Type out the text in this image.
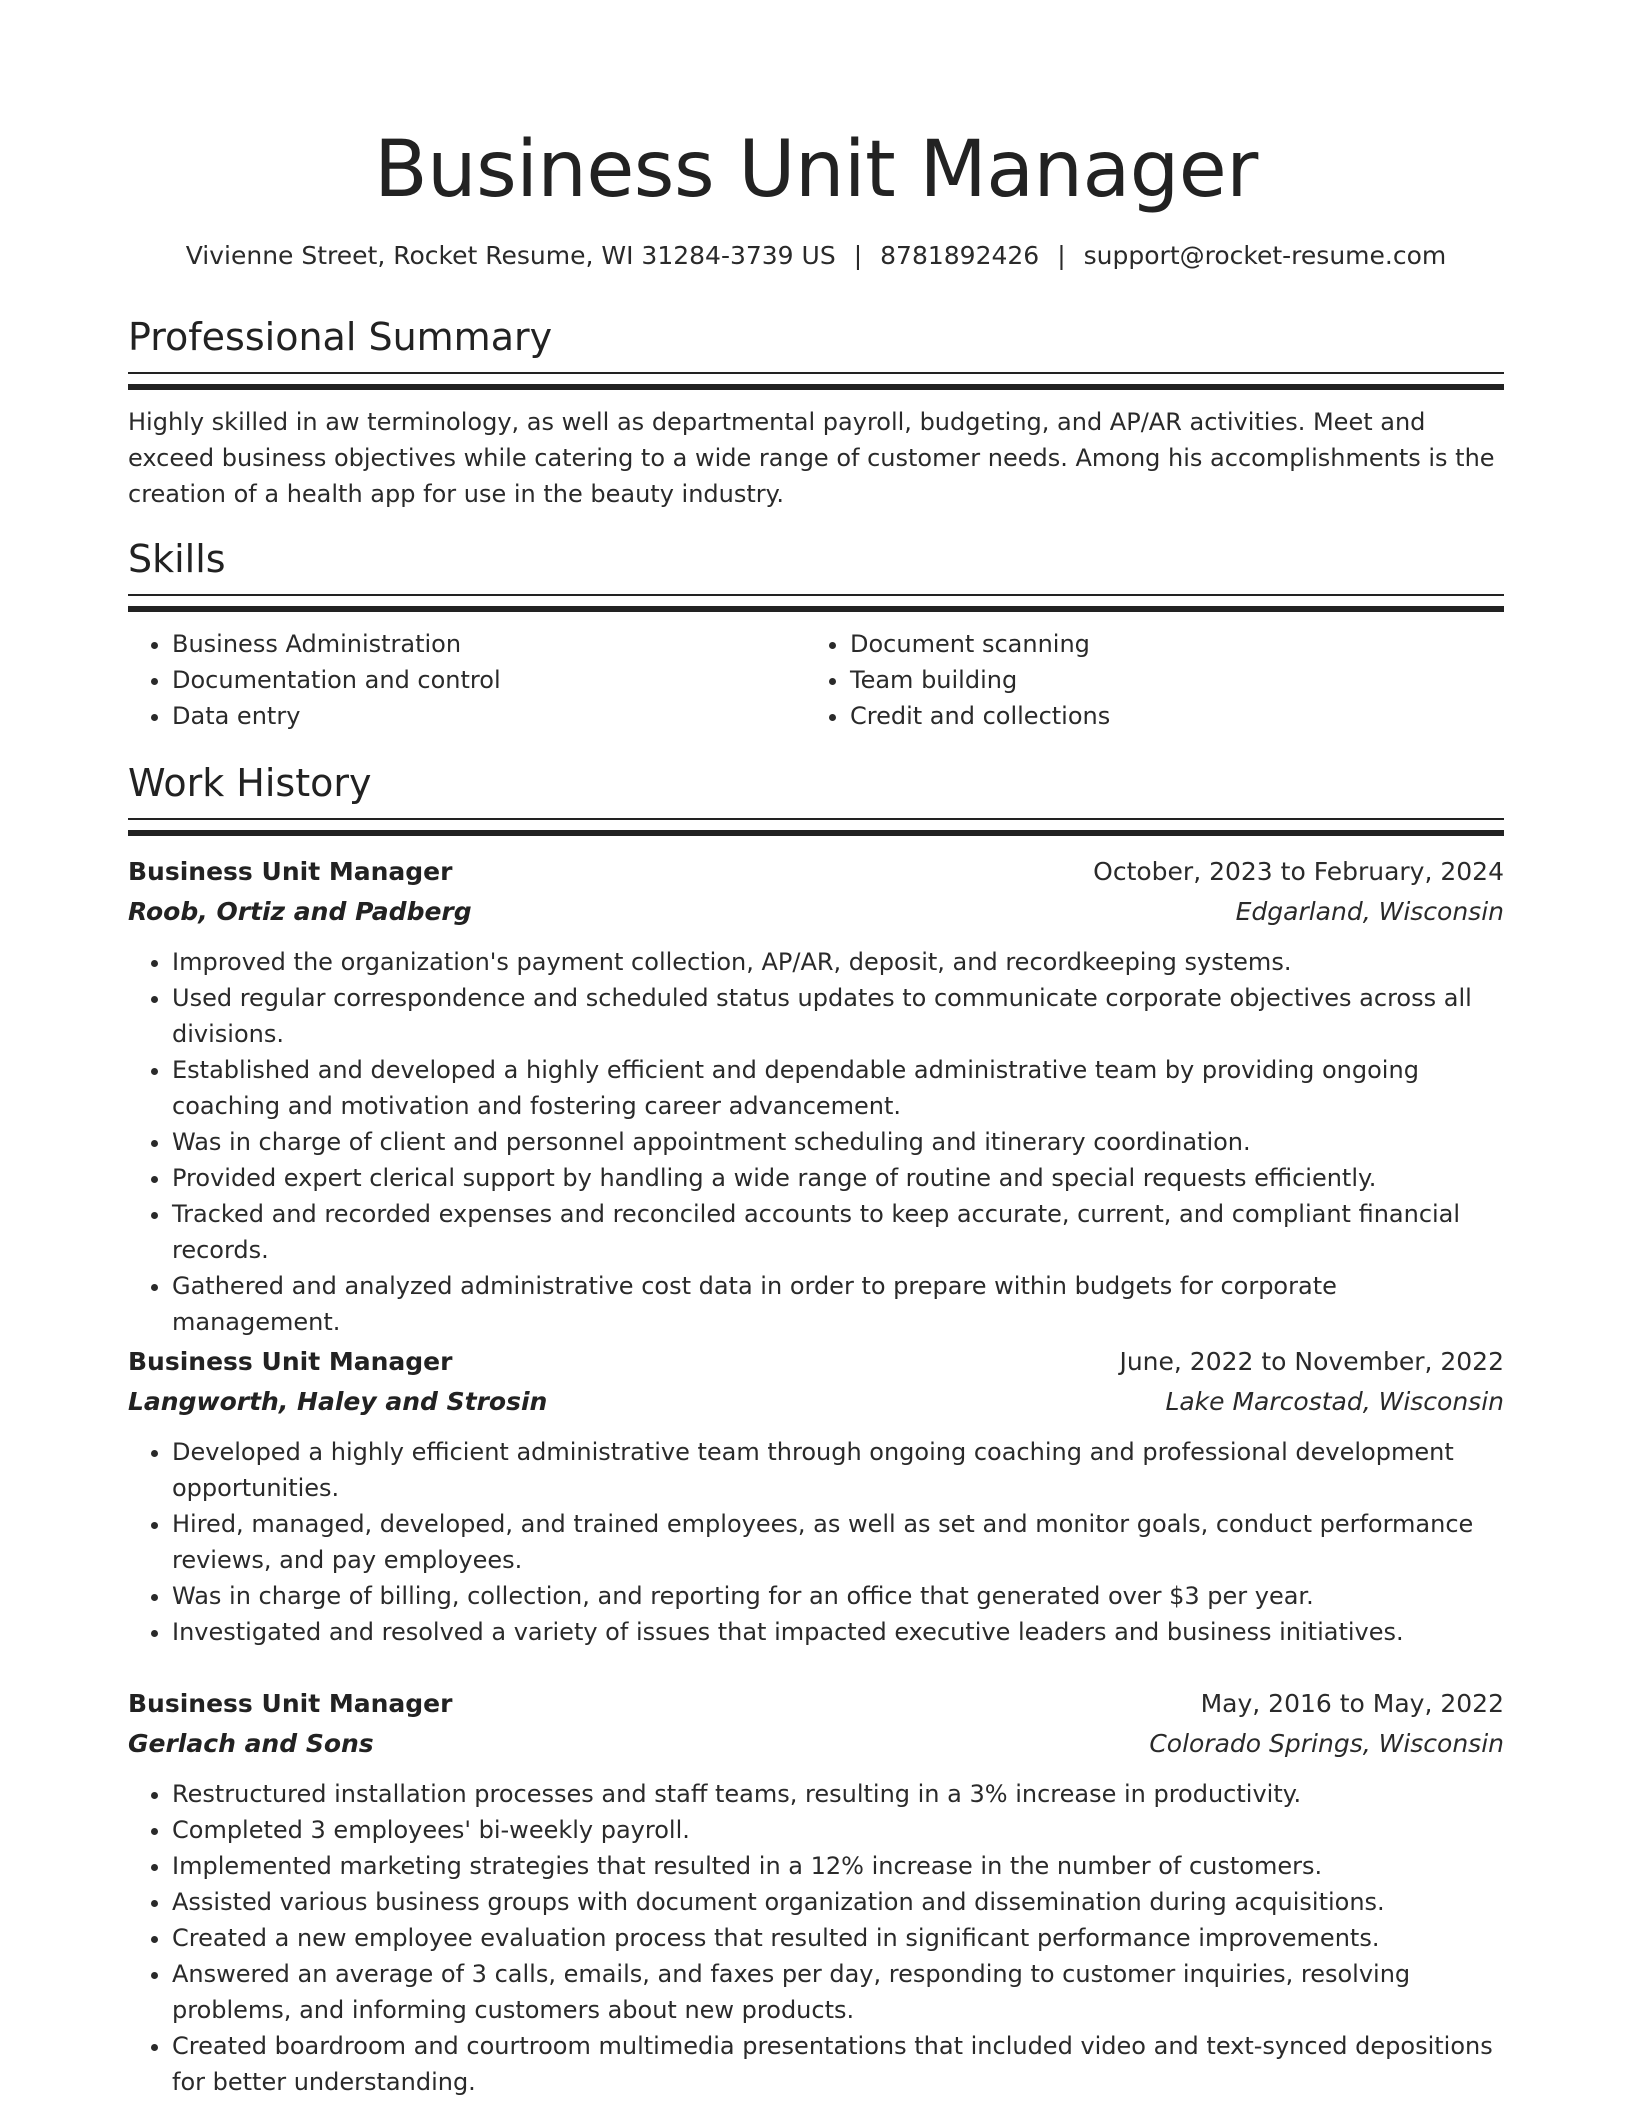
Business Unit Manager
Vivienne Street, Rocket Resume, WI 31284-3739 US | 8781892426 | support@rocket-resume.com
Professional Summary

Highly skilled in aw terminology, as well as departmental payroll, budgeting, and AP/AR activities. Meet and exceed business objectives while catering to a wide range of customer needs. Among his accomplishments is the creation of a health app for use in the beauty industry.

Skills
• Business Administration
• Documentation and control
• Data entry
• Document scanning
• Team building
• Credit and collections
Work History
Business Unit Manager	October, 2023 to February, 2024
Roob, Ortiz and Padberg	Edgarland, Wisconsin
• Improved the organization's payment collection, AP/AR, deposit, and recordkeeping systems.
• Used regular correspondence and scheduled status updates to communicate corporate objectives across all divisions.
• Established and developed a highly efficient and dependable administrative team by providing ongoing coaching and motivation and fostering career advancement.
• Was in charge of client and personnel appointment scheduling and itinerary coordination.
• Provided expert clerical support by handling a wide range of routine and special requests efficiently.
• Tracked and recorded expenses and reconciled accounts to keep accurate, current, and compliant financial records.
• Gathered and analyzed administrative cost data in order to prepare within budgets for corporate management.
Business Unit Manager	June, 2022 to November, 2022
Langworth, Haley and Strosin	Lake Marcostad, Wisconsin
• Developed a highly efficient administrative team through ongoing coaching and professional development opportunities.
• Hired, managed, developed, and trained employees, as well as set and monitor goals, conduct performance reviews, and pay employees.
• Was in charge of billing, collection, and reporting for an office that generated over $3 per year.
• Investigated and resolved a variety of issues that impacted executive leaders and business initiatives.
Business Unit Manager	May, 2016 to May, 2022
Gerlach and Sons	Colorado Springs, Wisconsin
• Restructured installation processes and staff teams, resulting in a 3% increase in productivity.
• Completed 3 employees' bi-weekly payroll.
• Implemented marketing strategies that resulted in a 12% increase in the number of customers.
• Assisted various business groups with document organization and dissemination during acquisitions.
• Created a new employee evaluation process that resulted in significant performance improvements.
• Answered an average of 3 calls, emails, and faxes per day, responding to customer inquiries, resolving problems, and informing customers about new products.
• Created boardroom and courtroom multimedia presentations that included video and text-synced depositions for better understanding.
